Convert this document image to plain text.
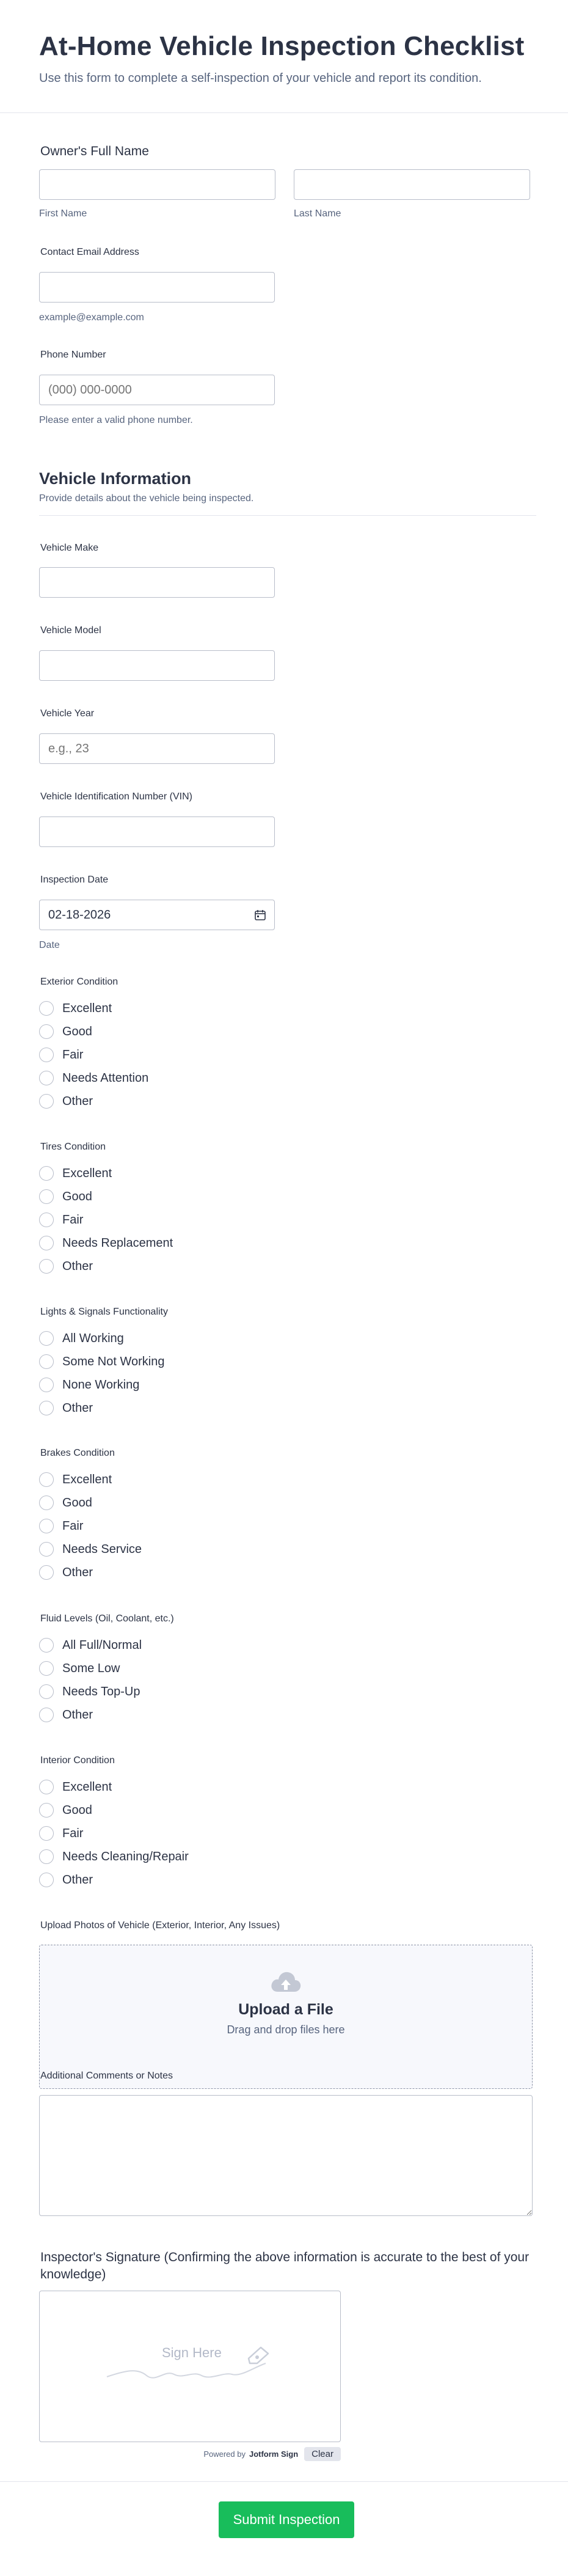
At-Home Vehicle Inspection Checklist

Use this form to complete a self-inspection of your vehicle and report its condition.

Owner's Full Name
First Name	Last Name
Contact Email Address
example@example.com
Phone Number
(000) 000-0000
Please enter a valid phone number.
Vehicle Information

Provide details about the vehicle being inspected.

Vehicle Make
Vehicle Model
Vehicle Year
e.g., 23
Vehicle Identification Number (VIN)
Inspection Date
02-18-2026
Date
Exterior Condition
Excellent
Good
Fair
Needs Attention
Other
Tires Condition
Excellent
Good
Fair
Needs Replacement
Other
Lights & Signals Functionality
All Working
Some Not Working
None Working
Other
Brakes Condition
Excellent
Good
Fair
Needs Service
Other
Fluid Levels (Oil, Coolant, etc.)
All Full/Normal
Some Low
Needs Top-Up
Other
Interior Condition
Excellent
Good
Fair
Needs Cleaning/Repair
Other
Upload Photos of Vehicle (Exterior, Interior, Any Issues)
Upload a File
Drag and drop files here
Additional Comments or Notes
Inspector's Signature (Confirming the above information is accurate to the best of your knowledge)
Sign Here
Powered by Jotform Sign	Clear
Submit Inspection
